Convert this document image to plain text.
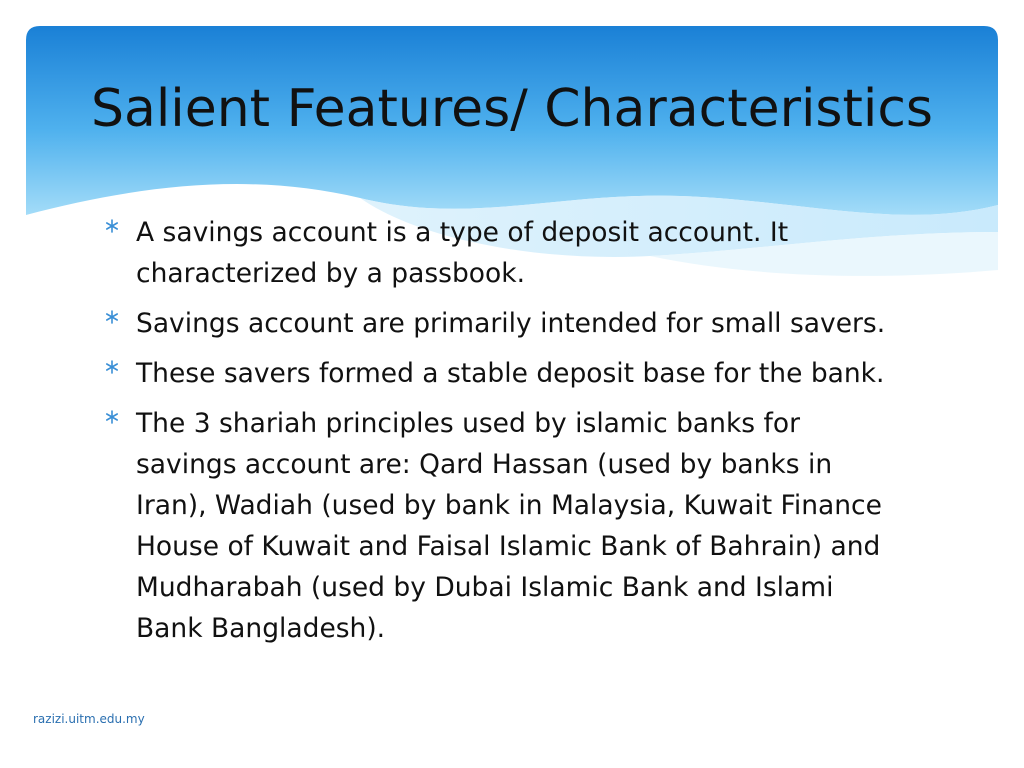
Salient Features/ Characteristics
A savings account is a type of deposit account. It characterized by a passbook.
Savings account are primarily intended for small savers.
These savers formed a stable deposit base for the bank.
The 3 shariah principles used by islamic banks for savings account are: Qard Hassan (used by banks in Iran), Wadiah (used by bank in Malaysia, Kuwait Finance House of Kuwait and Faisal Islamic Bank of Bahrain) and Mudharabah (used by Dubai Islamic Bank and Islami Bank Bangladesh).
razizi.uitm.edu.my
